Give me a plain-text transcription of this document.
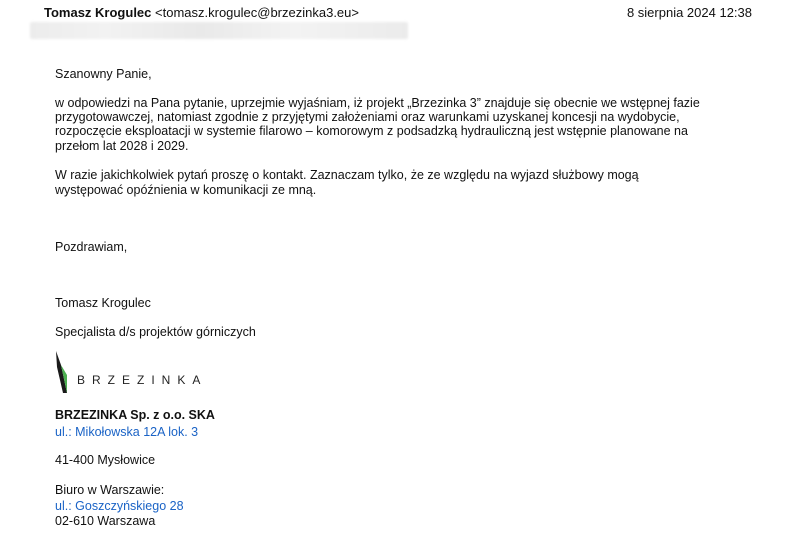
Tomasz Krogulec <tomasz.krogulec@brzezinka3.eu>	8 sierpnia 2024 12:38
Szanowny Panie,
w odpowiedzi na Pana pytanie, uprzejmie wyjaśniam, iż projekt „Brzezinka 3” znajduje się obecnie we wstępnej fazie
przygotowawczej, natomiast zgodnie z przyjętymi założeniami oraz warunkami uzyskanej koncesji na wydobycie,
rozpoczęcie eksploatacji w systemie filarowo – komorowym z podsadzką hydrauliczną jest wstępnie planowane na
przełom lat 2028 i 2029.
W razie jakichkolwiek pytań proszę o kontakt. Zaznaczam tylko, że ze względu na wyjazd służbowy mogą
występować opóźnienia w komunikacji ze mną.
Pozdrawiam,
Tomasz Krogulec
Specjalista d/s projektów górniczych
BRZEZINKA Sp. z o.o. SKA
ul.: Mikołowska 12A lok. 3
41-400 Mysłowice
Biuro w Warszawie:
ul.: Goszczyńskiego 28
02-610 Warszawa
BRZEZINKA
